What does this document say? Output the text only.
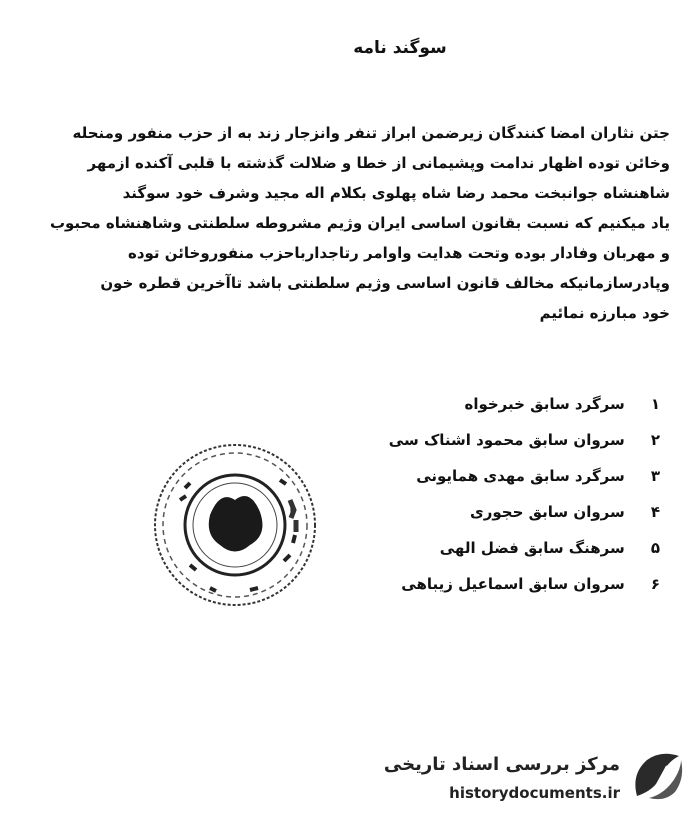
سوگند نامه
جتن نثاران امضا کنندگان زیرضمن ابراز تنفر وانزجار زند به از حزب منفور ومنحله
وخائن توده اظهار ندامت وپشیمانی از خطا و ضلالت گذشته با قلبی آکنده ازمهر
شاهنشاه جوانبخت محمد رضا شاه پهلوی بکلام اله مجید وشرف خود سوگند
یاد میکنیم که نسبت بقانون اساسی ایران وژیم مشروطه سلطنتی وشاهنشاه محبوب
و مهربان وفادار بوده وتحت هدایت واوامر رتاجدارباحزب منفوروخائن توده
وپادرسازمانیکه مخالف قانون اساسی وژیم سلطنتی باشد تاآخرین قطره خون
خود مبارزه نمائیم
۱ سرگرد سابق خبرخواه
۲ سروان سابق محمود اشناک سی
۳ سرگرد سابق مهدی همایونی
۴ سروان سابق حجوری
۵ سرهنگ سابق فضل الهی
۶ سروان سابق اسماعیل زیباهی
مرکز بررسی اسناد تاریخی
historydocuments.ir
